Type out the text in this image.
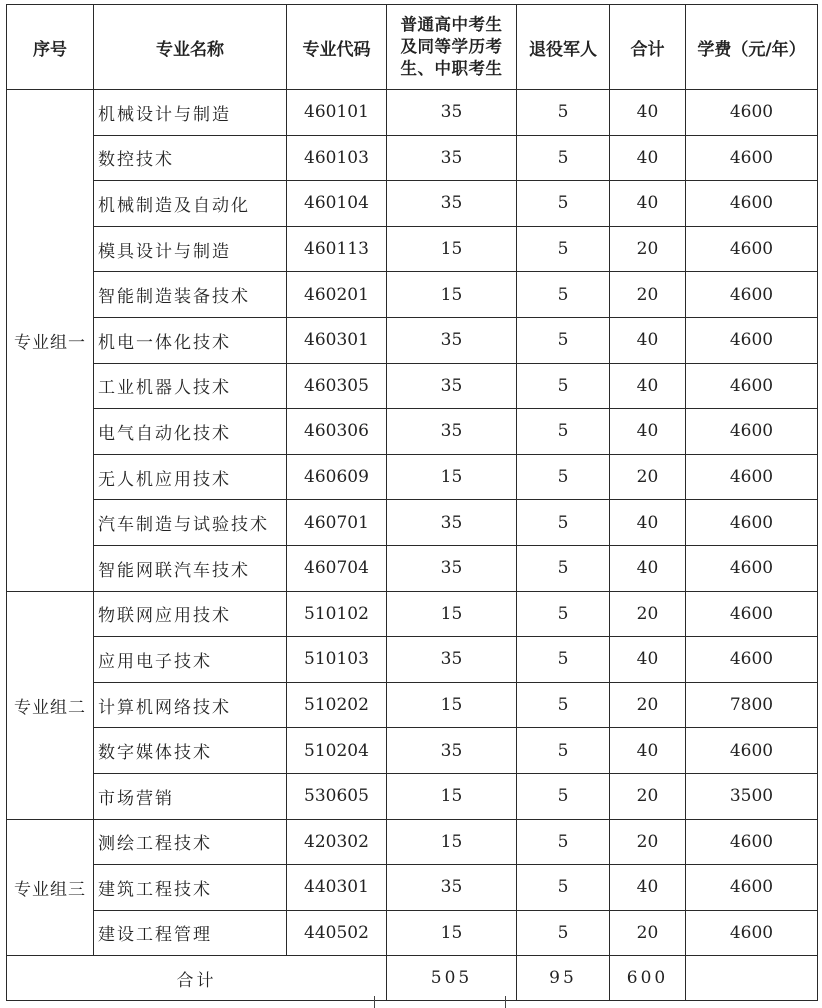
序号	专业名称	专业代码	普通高中考生
及同等学历考
生、中职考生	退役军人	合计	学费（元/年）
专业组一	机械设计与制造	460101	35	5	40	4600
	数控技术	460103	35	5	40	4600
	机械制造及自动化	460104	35	5	40	4600
	模具设计与制造	460113	15	5	20	4600
	智能制造装备技术	460201	15	5	20	4600
	机电一体化技术	460301	35	5	40	4600
	工业机器人技术	460305	35	5	40	4600
	电气自动化技术	460306	35	5	40	4600
	无人机应用技术	460609	15	5	20	4600
	汽车制造与试验技术	460701	35	5	40	4600
	智能网联汽车技术	460704	35	5	40	4600
专业组二	物联网应用技术	510102	15	5	20	4600
	应用电子技术	510103	35	5	40	4600
	计算机网络技术	510202	15	5	20	7800
	数字媒体技术	510204	35	5	40	4600
	市场营销	530605	15	5	20	3500
专业组三	测绘工程技术	420302	15	5	20	4600
	建筑工程技术	440301	35	5	40	4600
	建设工程管理	440502	15	5	20	4600
合计			505	95	600	
